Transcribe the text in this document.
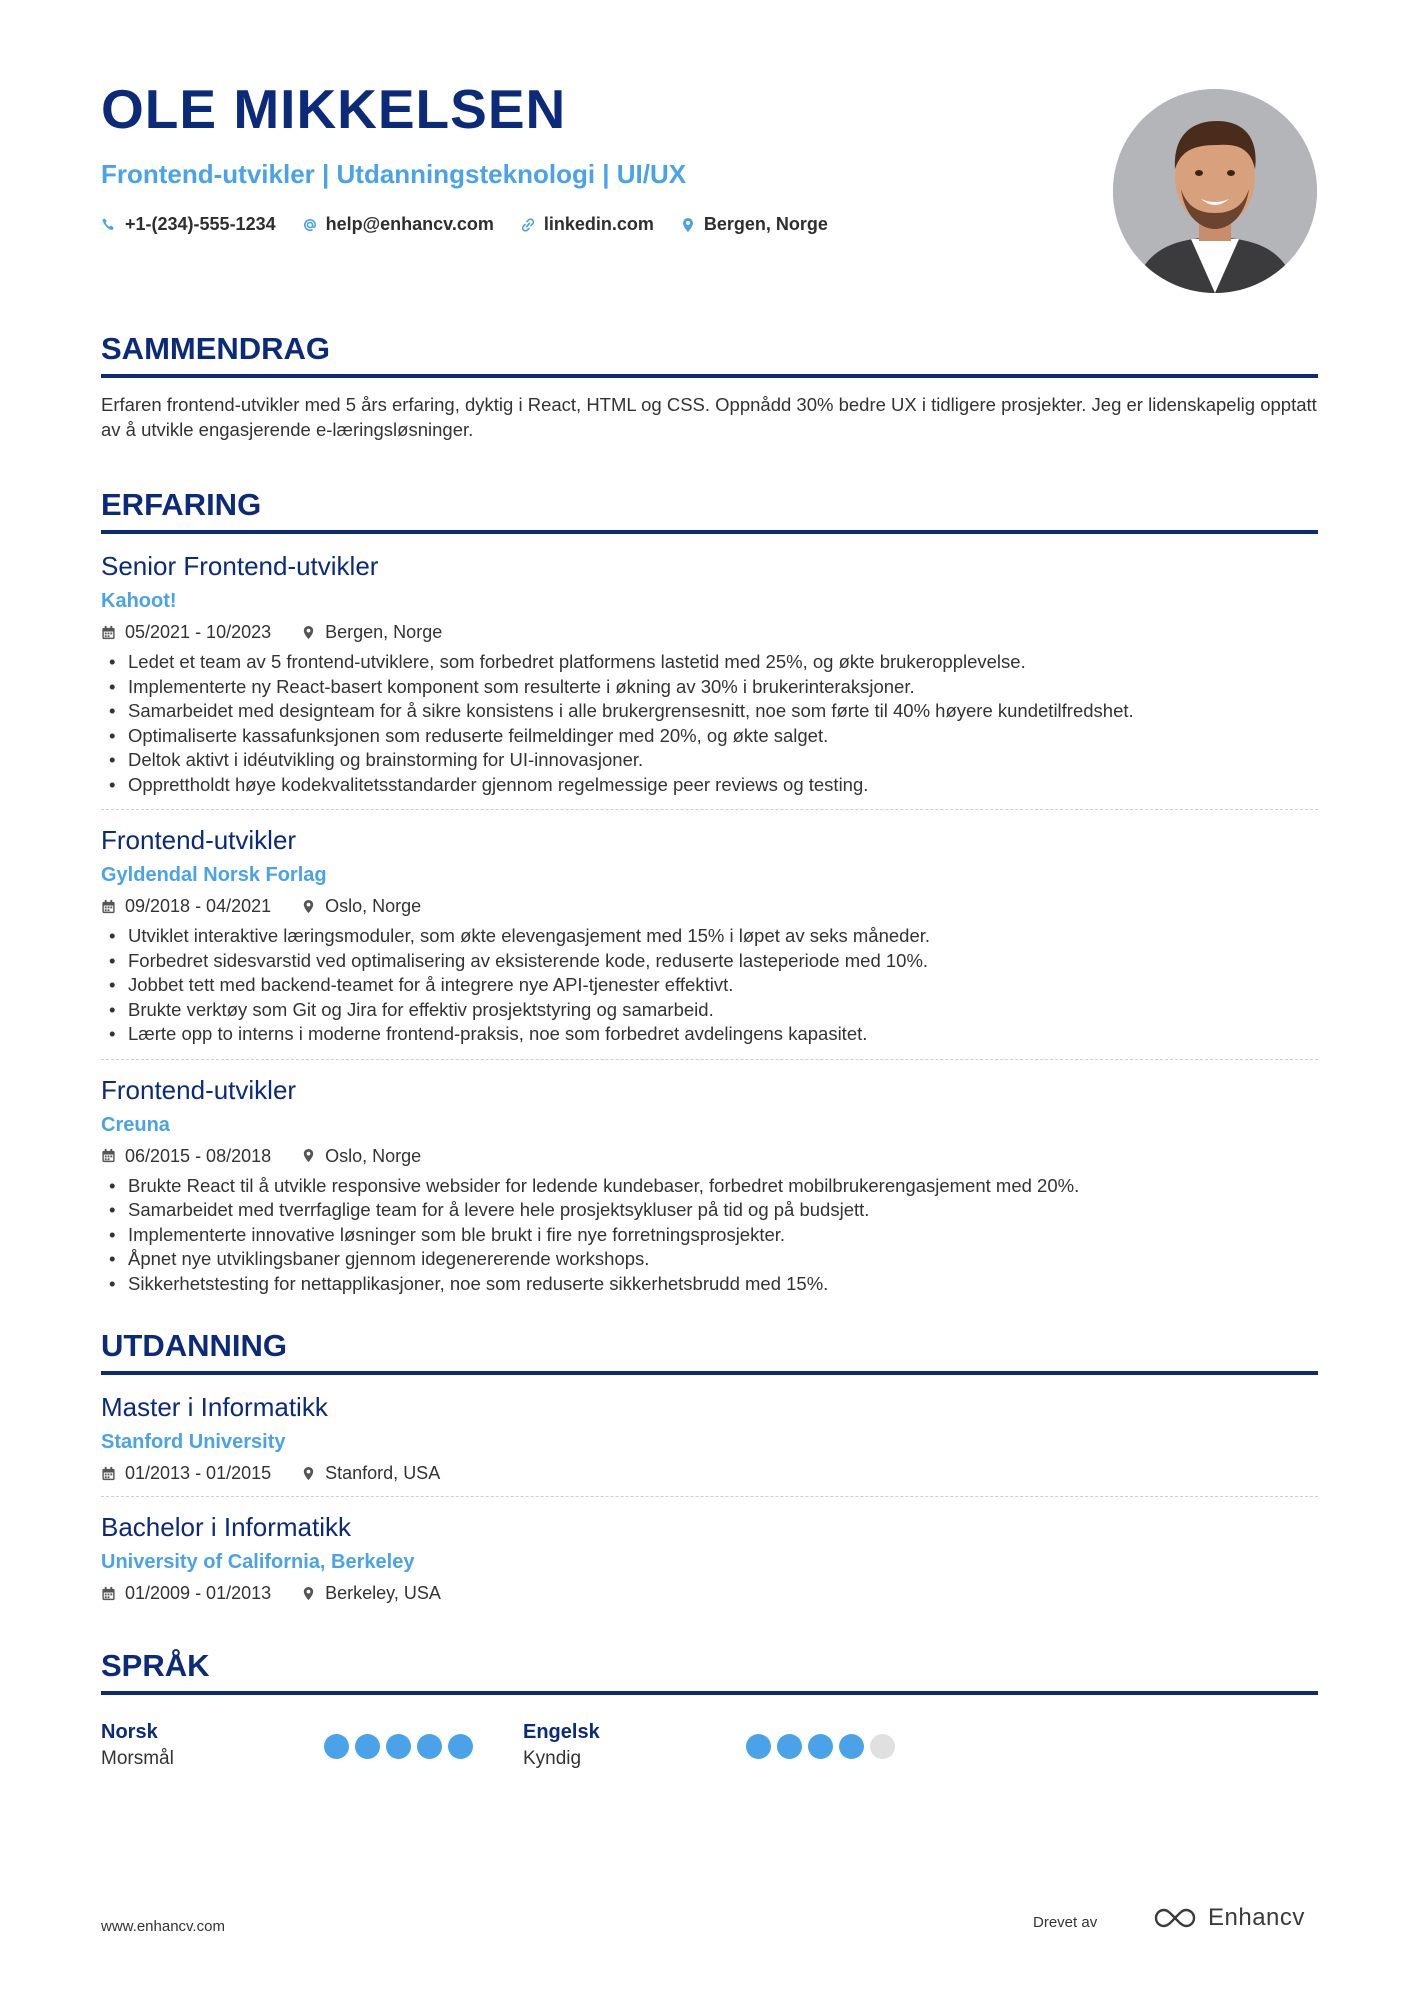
OLE MIKKELSEN
Frontend-utvikler | Utdanningsteknologi | UI/UX
+1-(234)-555-1234	help@enhancv.com	linkedin.com	Bergen, Norge
SAMMENDRAG

Erfaren frontend-utvikler med 5 års erfaring, dyktig i React, HTML og CSS. Oppnådd 30% bedre UX i tidligere prosjekter. Jeg er lidenskapelig opptatt av å utvikle engasjerende e-læringsløsninger.

ERFARING
Senior Frontend-utvikler
Kahoot!
05/2021 - 10/2023	Bergen, Norge
• Ledet et team av 5 frontend-utviklere, som forbedret platformens lastetid med 25%, og økte brukeropplevelse.
• Implementerte ny React-basert komponent som resulterte i økning av 30% i brukerinteraksjoner.
• Samarbeidet med designteam for å sikre konsistens i alle brukergrensesnitt, noe som førte til 40% høyere kundetilfredshet.
• Optimaliserte kassafunksjonen som reduserte feilmeldinger med 20%, og økte salget.
• Deltok aktivt i idéutvikling og brainstorming for UI-innovasjoner.
• Opprettholdt høye kodekvalitetsstandarder gjennom regelmessige peer reviews og testing.
Frontend-utvikler
Gyldendal Norsk Forlag
09/2018 - 04/2021	Oslo, Norge
• Utviklet interaktive læringsmoduler, som økte elevengasjement med 15% i løpet av seks måneder.
• Forbedret sidesvarstid ved optimalisering av eksisterende kode, reduserte lasteperiode med 10%.
• Jobbet tett med backend-teamet for å integrere nye API-tjenester effektivt.
• Brukte verktøy som Git og Jira for effektiv prosjektstyring og samarbeid.
• Lærte opp to interns i moderne frontend-praksis, noe som forbedret avdelingens kapasitet.
Frontend-utvikler
Creuna
06/2015 - 08/2018	Oslo, Norge
• Brukte React til å utvikle responsive websider for ledende kundebaser, forbedret mobilbrukerengasjement med 20%.
• Samarbeidet med tverrfaglige team for å levere hele prosjektsykluser på tid og på budsjett.
• Implementerte innovative løsninger som ble brukt i fire nye forretningsprosjekter.
• Åpnet nye utviklingsbaner gjennom idegenererende workshops.
• Sikkerhetstesting for nettapplikasjoner, noe som reduserte sikkerhetsbrudd med 15%.
UTDANNING
Master i Informatikk
Stanford University
01/2013 - 01/2015	Stanford, USA
Bachelor i Informatikk
University of California, Berkeley
01/2009 - 01/2013	Berkeley, USA
SPRÅK
Norsk
Morsmål
Engelsk
Kyndig
www.enhancv.com	Drevet av	Enhancv
